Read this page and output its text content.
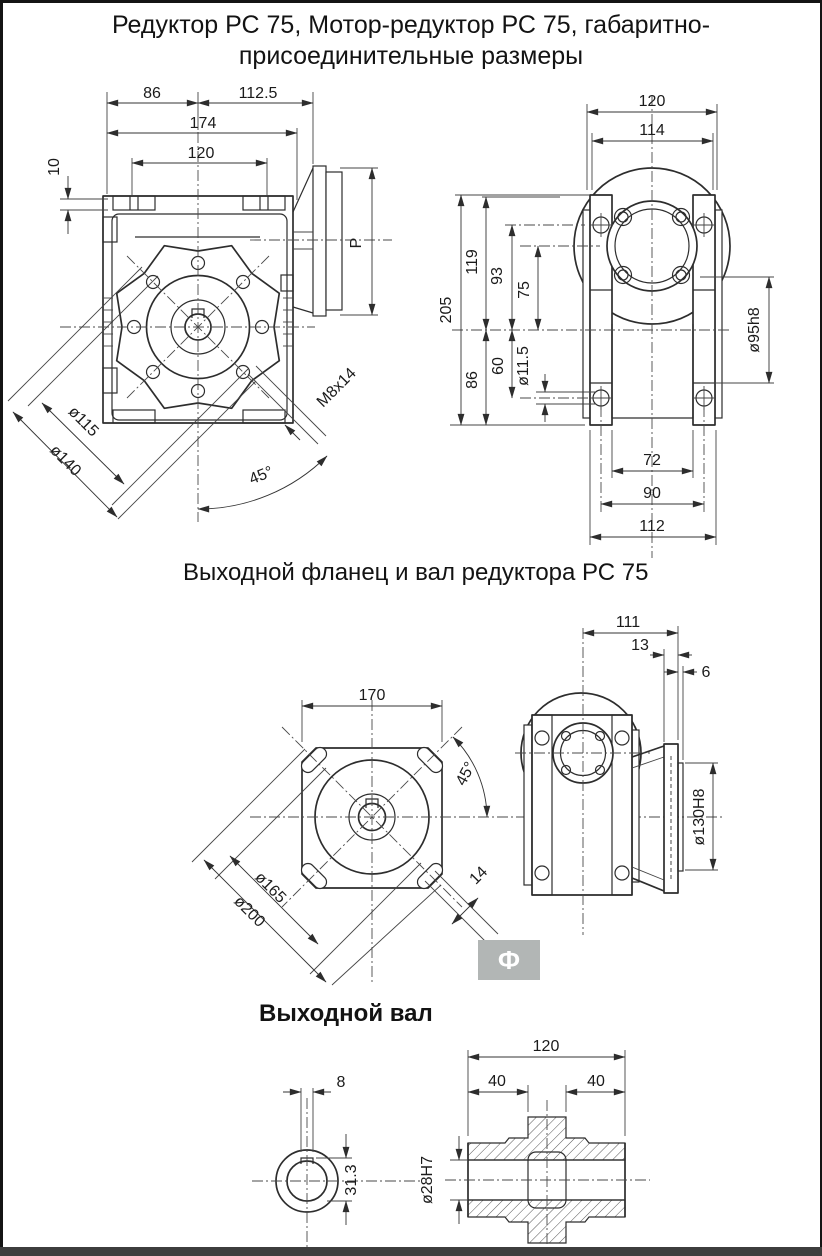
86	112.5
174
120
10
P
ø115
ø140
M8x14
45°
120
114
205
119
86
93
60
75
ø11.5
ø95h8
72
90
112
170
ø165
ø200
45°
14
111
13
6
ø130H8
8
31.3
120
40	40
ø28H7
Редуктор РС 75, Мотор-редуктор РС 75, габаритно-
присоединительные размеры
Выходной фланец и вал редуктора РС 75
Выходной вал
Ф
